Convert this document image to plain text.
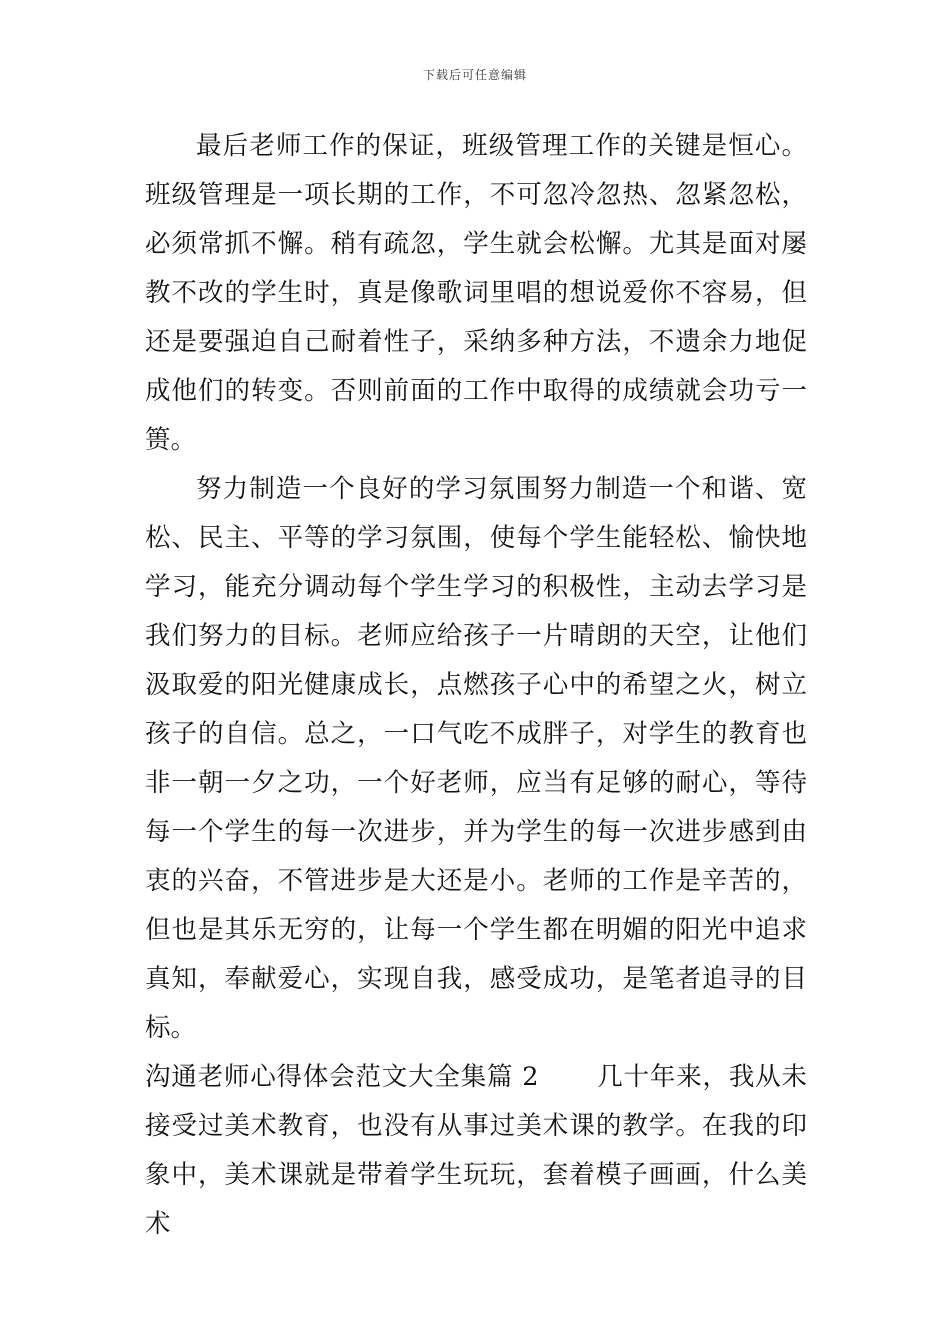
下载后可任意编辑

最后老师工作的保证，班级管理工作的关键是恒心。班级管理是一项长期的工作，不可忽冷忽热、忽紧忽松，必须常抓不懈。稍有疏忽，学生就会松懈。尤其是面对屡教不改的学生时，真是像歌词里唱的想说爱你不容易，但还是要强迫自己耐着性子，采纳多种方法，不遗余力地促成他们的转变。否则前面的工作中取得的成绩就会功亏一篑。

努力制造一个良好的学习氛围努力制造一个和谐、宽松、民主、平等的学习氛围，使每个学生能轻松、愉快地学习，能充分调动每个学生学习的积极性，主动去学习是我们努力的目标。老师应给孩子一片晴朗的天空，让他们汲取爱的阳光健康成长，点燃孩子心中的希望之火，树立孩子的自信。总之，一口气吃不成胖子，对学生的教育也非一朝一夕之功，一个好老师，应当有足够的耐心，等待每一个学生的每一次进步，并为学生的每一次进步感到由衷的兴奋，不管进步是大还是小。老师的工作是辛苦的，但也是其乐无穷的，让每一个学生都在明媚的阳光中追求真知，奉献爱心，实现自我，感受成功，是笔者追寻的目标。

沟通老师心得体会范文大全集篇 2 几十年来，我从未接受过美术教育，也没有从事过美术课的教学。在我的印象中，美术课就是带着学生玩玩，套着模子画画，什么美术
